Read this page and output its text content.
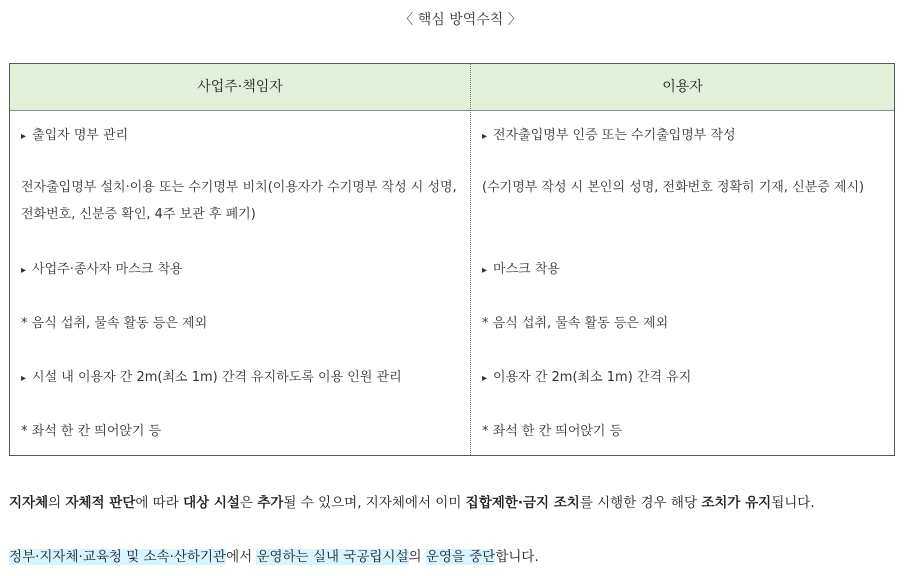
〈 핵심 방역수칙 〉
사업주·책임자	이용자
▸ 출입자 명부 관리
전자출입명부 설치·이용 또는 수기명부 비치(이용자가 수기명부 작성 시 성명, 전화번호, 신분증 확인, 4주 보관 후 폐기)
▸ 사업주·종사자 마스크 착용
* 음식 섭취, 물속 활동 등은 제외
▸ 시설 내 이용자 간 2m(최소 1m) 간격 유지하도록 이용 인원 관리
* 좌석 한 칸 띄어앉기 등
▸ 전자출입명부 인증 또는 수기출입명부 작성
(수기명부 작성 시 본인의 성명, 전화번호 정확히 기재, 신분증 제시)
▸ 마스크 착용
* 음식 섭취, 물속 활동 등은 제외
▸ 이용자 간 2m(최소 1m) 간격 유지
* 좌석 한 칸 띄어앉기 등
지자체의 자체적 판단에 따라 대상 시설은 추가될 수 있으며, 지자체에서 이미 집합제한·금지 조치를 시행한 경우 해당 조치가 유지됩니다.
정부·지자체·교육청 및 소속·산하기관에서 운영하는 실내 국공립시설의 운영을 중단합니다.
